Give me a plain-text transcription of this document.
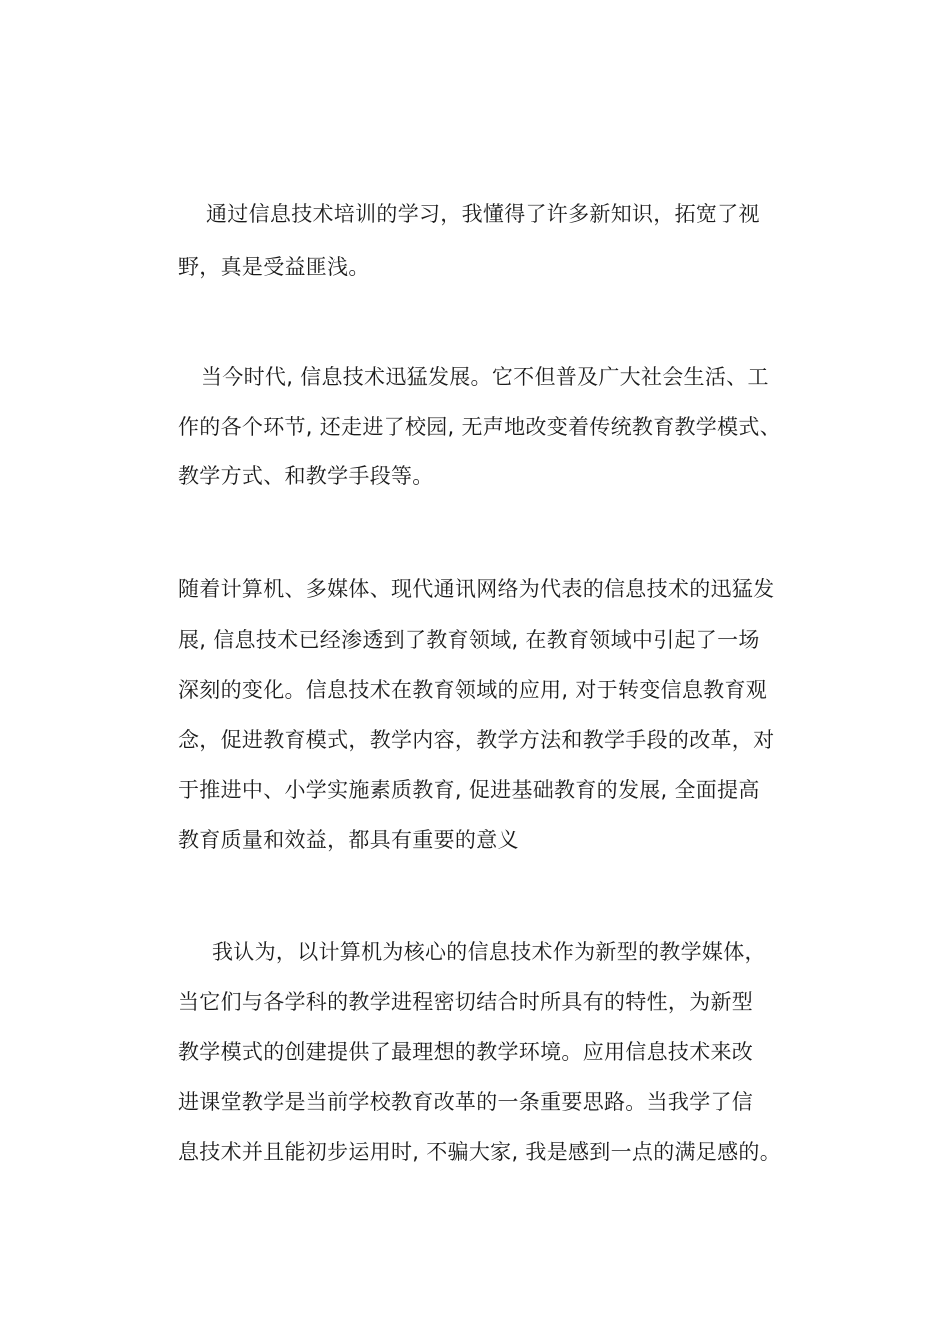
通过信息技术培训的学习，我懂得了许多新知识，拓宽了视
野，真是受益匪浅。
当今时代, 信息技术迅猛发展。它不但普及广大社会生活、工
作的各个环节, 还走进了校园, 无声地改变着传统教育教学模式、
教学方式、和教学手段等。
随着计算机、多媒体、现代通讯网络为代表的信息技术的迅猛发
展, 信息技术已经渗透到了教育领域, 在教育领域中引起了一场
深刻的变化。信息技术在教育领域的应用, 对于转变信息教育观
念，促进教育模式，教学内容，教学方法和教学手段的改革，对
于推进中、小学实施素质教育, 促进基础教育的发展, 全面提高
教育质量和效益，都具有重要的意义
我认为，以计算机为核心的信息技术作为新型的教学媒体，
当它们与各学科的教学进程密切结合时所具有的特性，为新型
教学模式的创建提供了最理想的教学环境。应用信息技术来改
进课堂教学是当前学校教育改革的一条重要思路。当我学了信
息技术并且能初步运用时, 不骗大家, 我是感到一点的满足感的。
